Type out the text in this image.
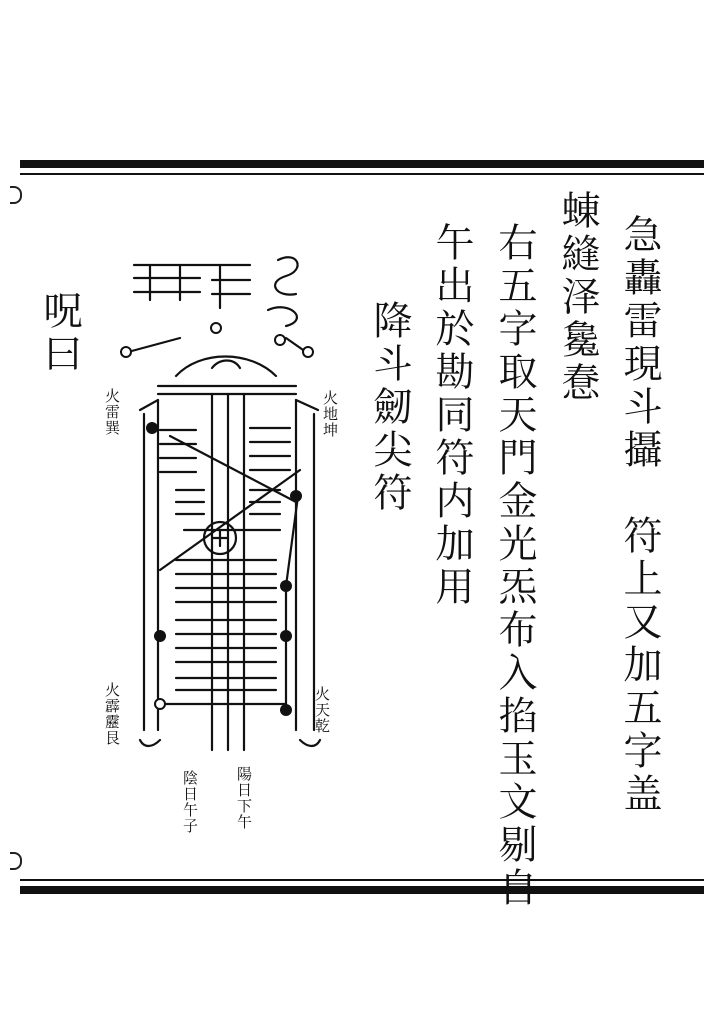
急轟雷現斗攝　符上又加五字盖
蝀縫泽毚惷
右五字取天門金光炁布入掐玉文剔自
午出於勘同符内加用
降斗劒尖符
呪曰
火地坤
火雷巽
火天乾
火霹靂艮
陽日下午
陰日午子
